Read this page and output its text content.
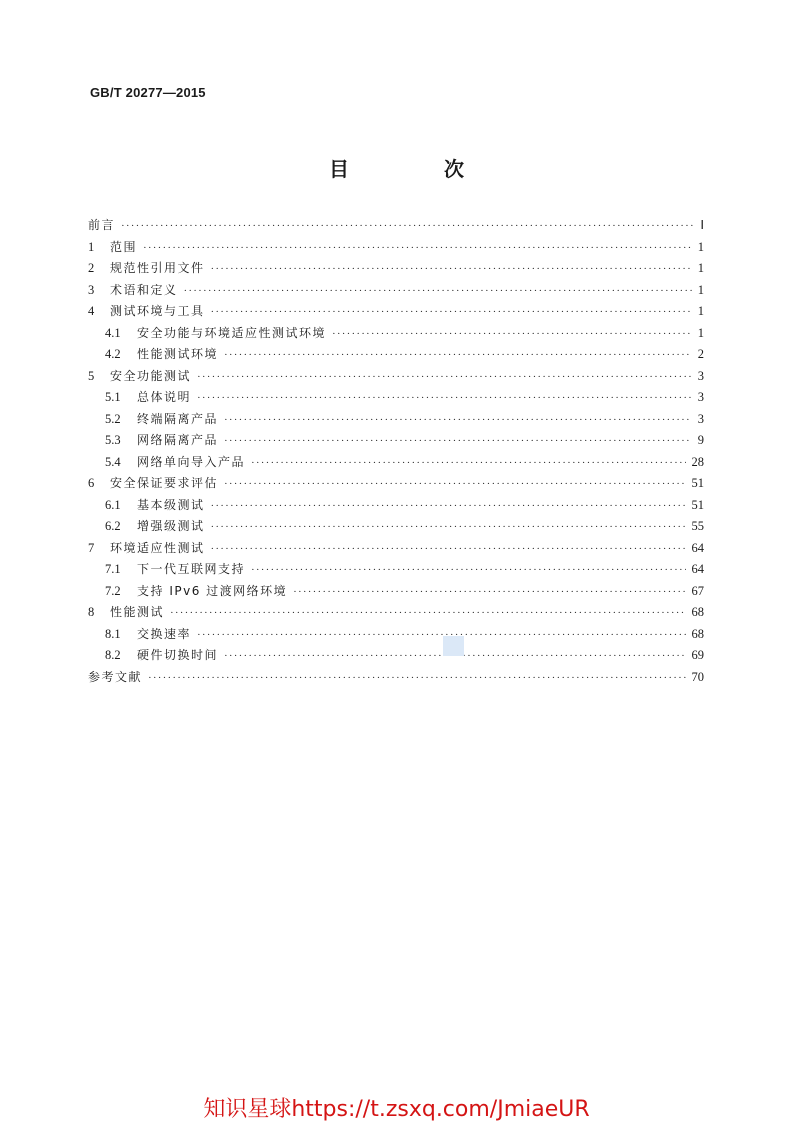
GB/T 20277—2015
目 次
前言 ·····	Ⅰ
1	范围 ·····	1
2	规范性引用文件 ·····	1
3	术语和定义 ·····	1
4	测试环境与工具 ·····	1
4.1	安全功能与环境适应性测试环境 ·····	1
4.2	性能测试环境 ·····	2
5	安全功能测试 ·····	3
5.1	总体说明 ·····	3
5.2	终端隔离产品 ·····	3
5.3	网络隔离产品 ·····	9
5.4	网络单向导入产品 ·····	28
6	安全保证要求评估 ·····	51
6.1	基本级测试 ·····	51
6.2	增强级测试 ·····	55
7	环境适应性测试 ·····	64
7.1	下一代互联网支持 ·····	64
7.2	支持 IPv6 过渡网络环境 ·····	67
8	性能测试 ·····	68
8.1	交换速率 ·····	68
8.2	硬件切换时间 ·····	69
参考文献 ·····	70
知识星球https://t.zsxq.com/JmiaeUR
